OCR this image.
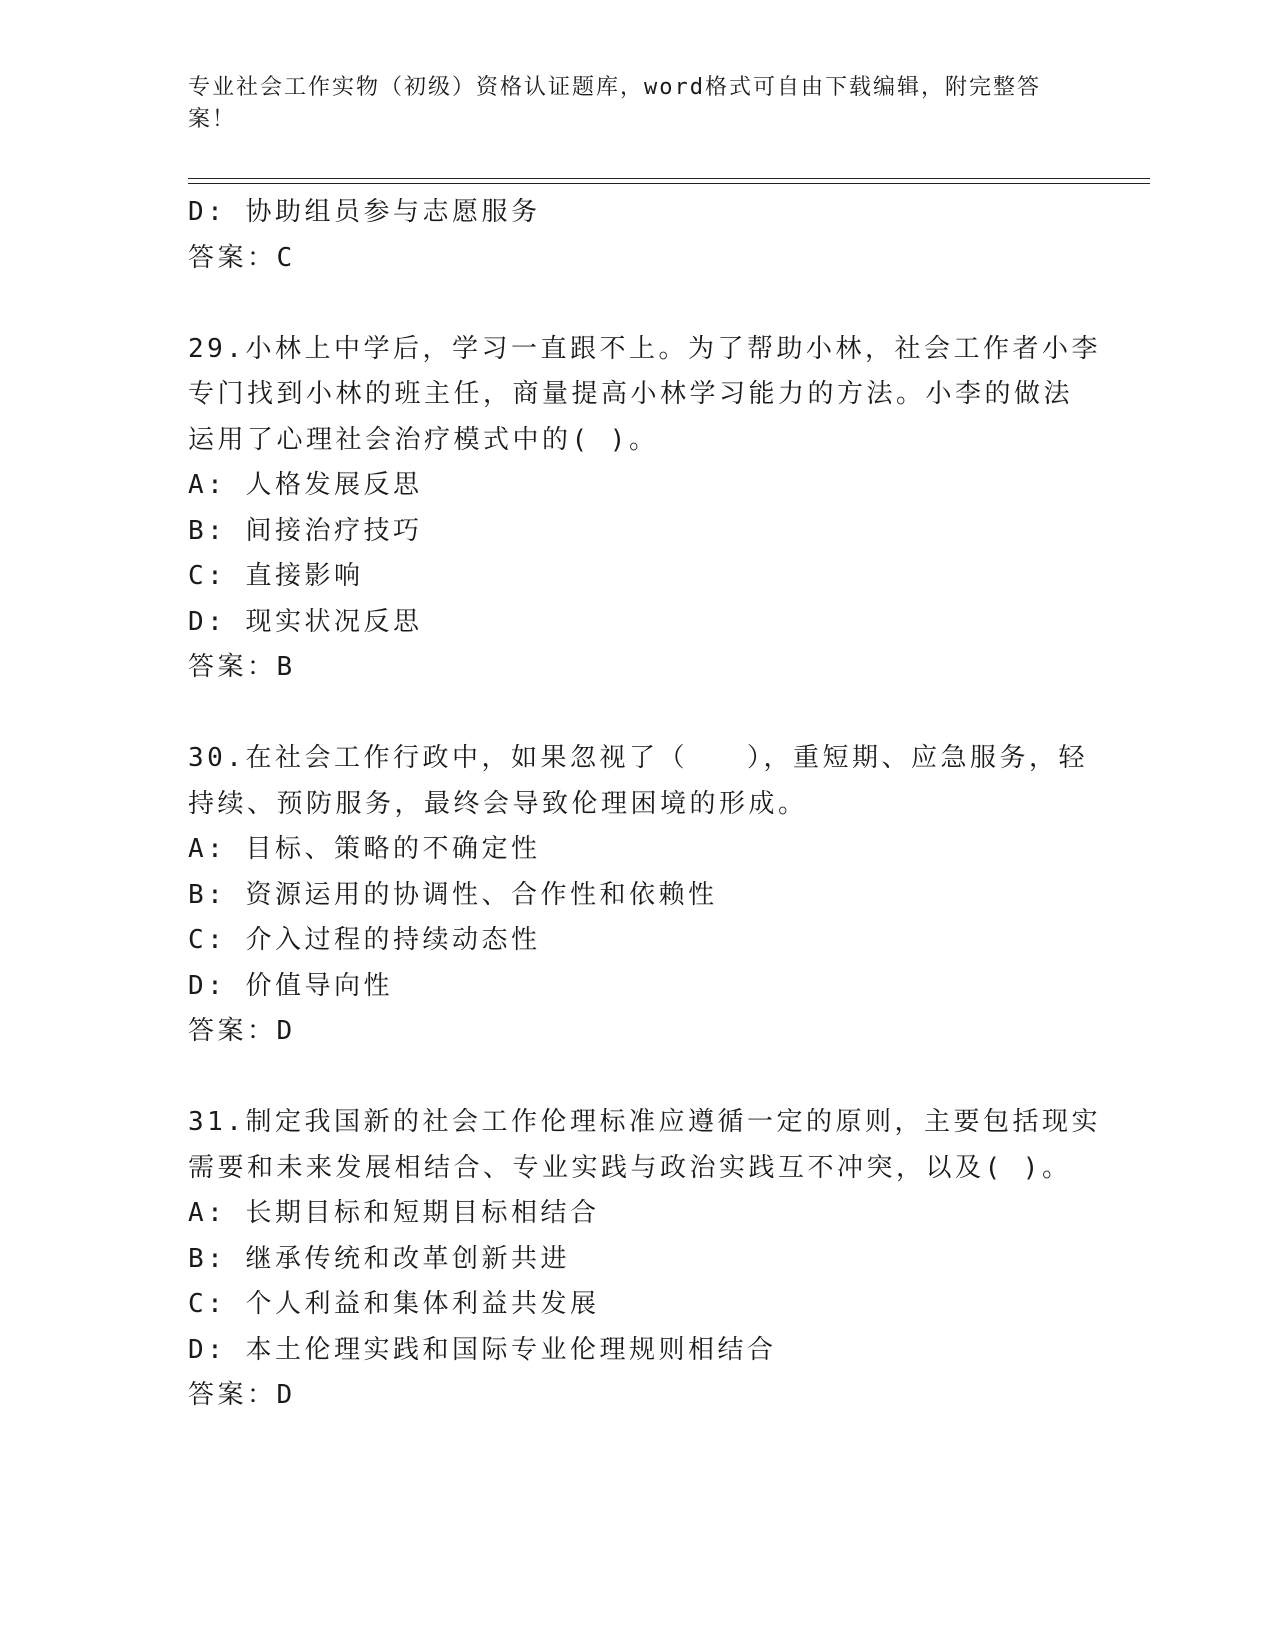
专业社会工作实物（初级）资格认证题库，word格式可自由下载编辑，附完整答案！
D: 协助组员参与志愿服务
答案：C
29.小林上中学后，学习一直跟不上。为了帮助小林，社会工作者小李
专门找到小林的班主任，商量提高小林学习能力的方法。小李的做法
运用了心理社会治疗模式中的( )。
A: 人格发展反思
B: 间接治疗技巧
C: 直接影响
D: 现实状况反思
答案：B
30.在社会工作行政中，如果忽视了（　　），重短期、应急服务，轻
持续、预防服务，最终会导致伦理困境的形成。
A: 目标、策略的不确定性
B: 资源运用的协调性、合作性和依赖性
C: 介入过程的持续动态性
D: 价值导向性
答案：D
31.制定我国新的社会工作伦理标准应遵循一定的原则，主要包括现实
需要和未来发展相结合、专业实践与政治实践互不冲突，以及( )。
A: 长期目标和短期目标相结合
B: 继承传统和改革创新共进
C: 个人利益和集体利益共发展
D: 本土伦理实践和国际专业伦理规则相结合
答案：D
